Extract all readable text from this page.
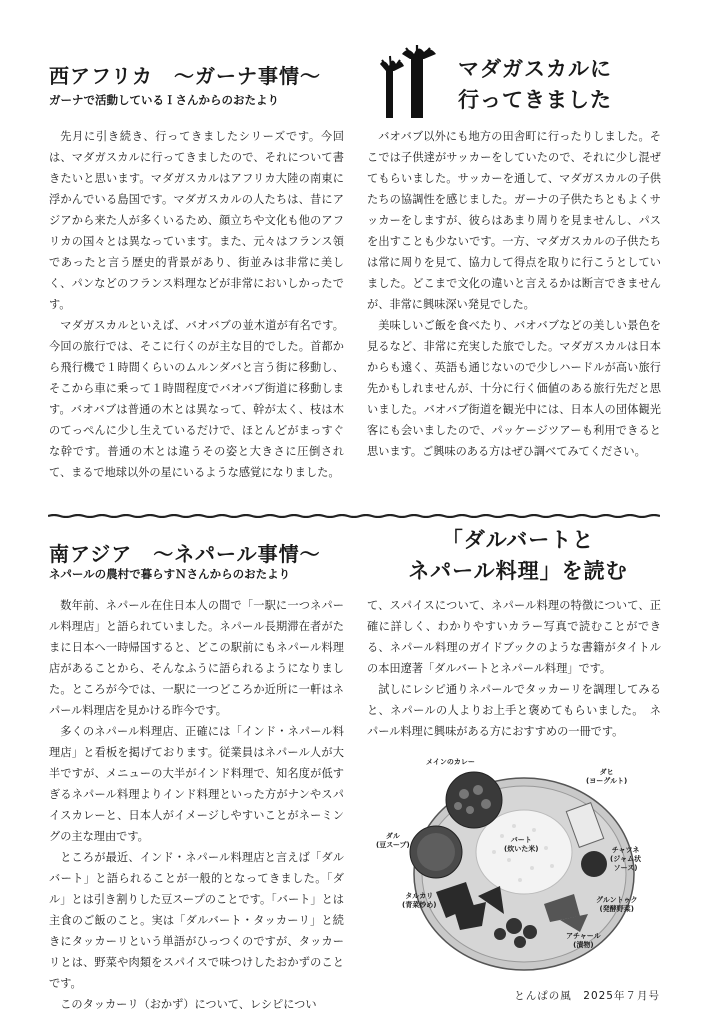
西アフリカ　～ガーナ事情～

ガーナで活動しているＩさんからのおたより

マダガスカルに

行ってきました

先月に引き続き、行ってきましたシリーズです。今回は、マダガスカルに行ってきましたので、それについて書きたいと思います。マダガスカルはアフリカ大陸の南東に浮かんでいる島国です。マダガスカルの人たちは、昔にアジアから来た人が多くいるため、顔立ちや文化も他のアフリカの国々とは異なっています。また、元々はフランス領であったと言う歴史的背景があり、街並みは非常に美しく、パンなどのフランス料理などが非常においしかったです。

マダガスカルといえば、バオバブの並木道が有名です。今回の旅行では、そこに行くのが主な目的でした。首都から飛行機で１時間くらいのムルンダバと言う街に移動し、そこから車に乗って１時間程度でバオバブ街道に移動します。バオバブは普通の木とは異なって、幹が太く、枝は木のてっぺんに少し生えているだけで、ほとんどがまっすぐな幹です。普通の木とは違うその姿と大きさに圧倒されて、まるで地球以外の星にいるような感覚になりました。

バオバブ以外にも地方の田舎町に行ったりしました。そこでは子供達がサッカーをしていたので、それに少し混ぜてもらいました。サッカーを通して、マダガスカルの子供たちの協調性を感じました。ガーナの子供たちともよくサッカーをしますが、彼らはあまり周りを見ませんし、パスを出すことも少ないです。一方、マダガスカルの子供たちは常に周りを見て、協力して得点を取りに行こうとしていました。どこまで文化の違いと言えるかは断言できませんが、非常に興味深い発見でした。

美味しいご飯を食べたり、バオバブなどの美しい景色を見るなど、非常に充実した旅でした。マダガスカルは日本からも遠く、英語も通じないので少しハードルが高い旅行先かもしれませんが、十分に行く価値のある旅行先だと思いました。バオバブ街道を観光中には、日本人の団体観光客にも会いましたので、パッケージツアーも利用できると思います。ご興味のある方はぜひ調べてみてください。

南アジア　～ネパール事情～

ネパールの農村で暮らすＮさんからのおたより

「ダルバートと

ネパール料理」を読む

数年前、ネパール在住日本人の間で「一駅に一つネパール料理店」と語られていました。ネパール長期滞在者がたまに日本へ一時帰国すると、どこの駅前にもネパール料理店があることから、そんなふうに語られるようになりました。ところが今では、一駅に一つどころか近所に一軒はネパール料理店を見かける昨今です。

多くのネパール料理店、正確には「インド・ネパール料理店」と看板を掲げております。従業員はネパール人が大半ですが、メニューの大半がインド料理で、知名度が低すぎるネパール料理よりインド料理といった方がナンやスパイスカレーと、日本人がイメージしやすいことがネーミングの主な理由です。

ところが最近、インド・ネパール料理店と言えば「ダルバート」と語られることが一般的となってきました。「ダル」とは引き割りした豆スープのことです。「バート」とは主食のご飯のこと。実は「ダルバート・タッカーリ」と続きにタッカーリという単語がひっつくのですが、タッカーリとは、野菜や肉類をスパイスで味つけしたおかずのことです。

このタッカーリ（おかず）について、レシピについ

て、スパイスについて、ネパール料理の特徴について、正確に詳しく、わかりやすいカラー写真で読むことができる、ネパール料理のガイドブックのような書籍がタイトルの本田遼著「ダルバートとネパール料理」です。

試しにレシピ通りネパールでタッカーリを調理してみると、ネパールの人よりお上手と褒めてもらいました。　ネパール料理に興味がある方におすすめの一冊です。

メインのカレー
ダヒ
(ヨーグルト)
ダル
(豆スープ)
バート
(炊いた米)	チャツネ
(ジャム状
ソース)
タルカリ
(青菜炒め)
グルントゥク
(発酵野菜)
アチャール
(漬物)
とんぱの風　2025年７月号
